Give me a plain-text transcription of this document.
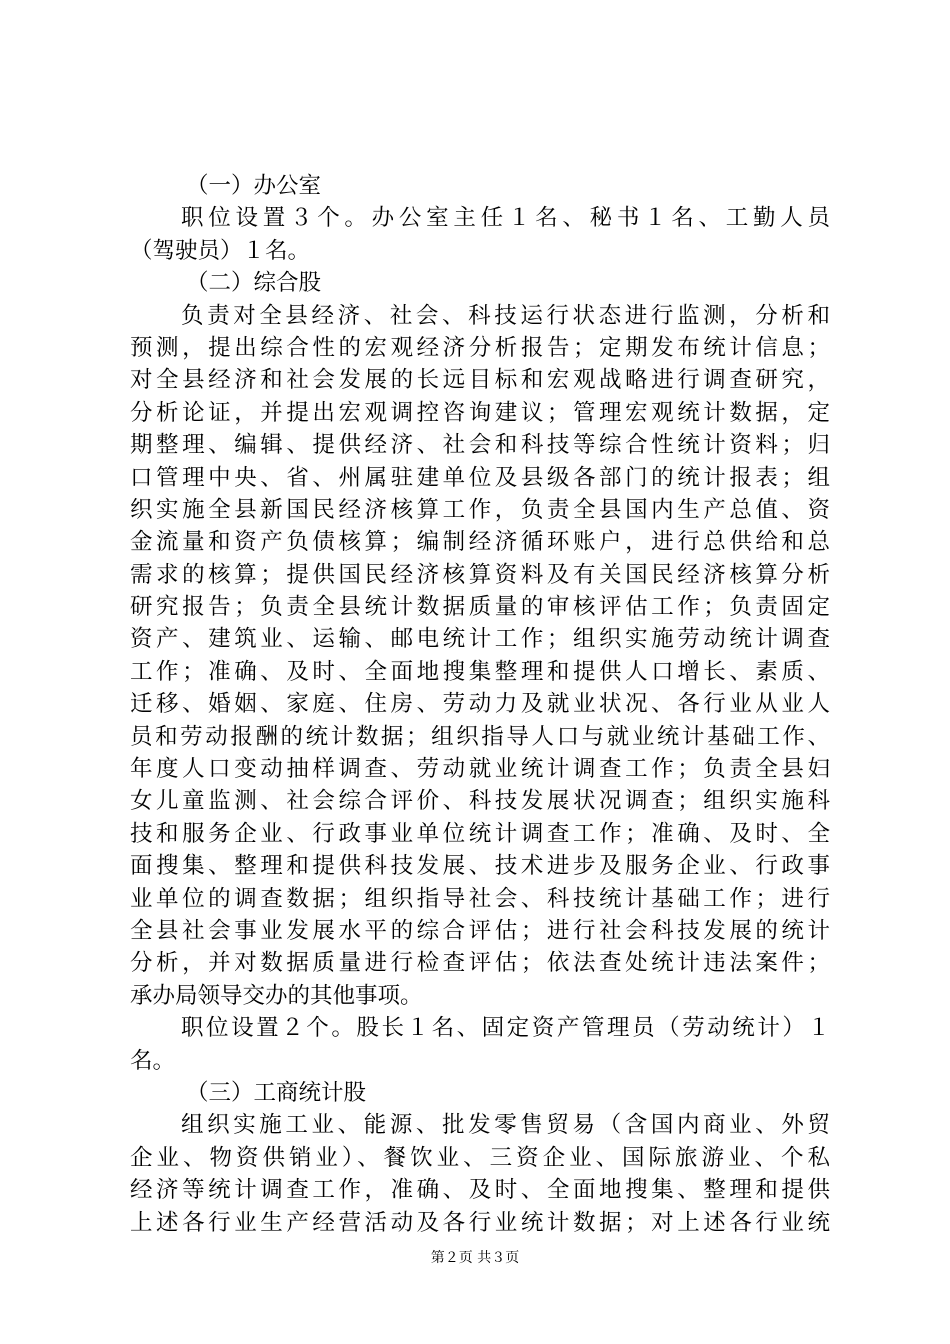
（一）办公室
职位设置３个。办公室主任１名、秘书１名、工勤人员
（驾驶员）１名。
（二）综合股
负责对全县经济、社会、科技运行状态进行监测，分析和
预测，提出综合性的宏观经济分析报告；定期发布统计信息；
对全县经济和社会发展的长远目标和宏观战略进行调查研究，
分析论证，并提出宏观调控咨询建议；管理宏观统计数据，定
期整理、编辑、提供经济、社会和科技等综合性统计资料；归
口管理中央、省、州属驻建单位及县级各部门的统计报表；组
织实施全县新国民经济核算工作，负责全县国内生产总值、资
金流量和资产负债核算；编制经济循环账户，进行总供给和总
需求的核算；提供国民经济核算资料及有关国民经济核算分析
研究报告；负责全县统计数据质量的审核评估工作；负责固定
资产、建筑业、运输、邮电统计工作；组织实施劳动统计调查
工作；准确、及时、全面地搜集整理和提供人口增长、素质、
迁移、婚姻、家庭、住房、劳动力及就业状况、各行业从业人
员和劳动报酬的统计数据；组织指导人口与就业统计基础工作、
年度人口变动抽样调查、劳动就业统计调查工作；负责全县妇
女儿童监测、社会综合评价、科技发展状况调查；组织实施科
技和服务企业、行政事业单位统计调查工作；准确、及时、全
面搜集、整理和提供科技发展、技术进步及服务企业、行政事
业单位的调查数据；组织指导社会、科技统计基础工作；进行
全县社会事业发展水平的综合评估；进行社会科技发展的统计
分析，并对数据质量进行检查评估；依法查处统计违法案件；
承办局领导交办的其他事项。
职位设置２个。股长１名、固定资产管理员（劳动统计）１
名。
（三）工商统计股
组织实施工业、能源、批发零售贸易（含国内商业、外贸
企业、物资供销业）、餐饮业、三资企业、国际旅游业、个私
经济等统计调查工作，准确、及时、全面地搜集、整理和提供
上述各行业生产经营活动及各行业统计数据；对上述各行业统
第２页 共３页
